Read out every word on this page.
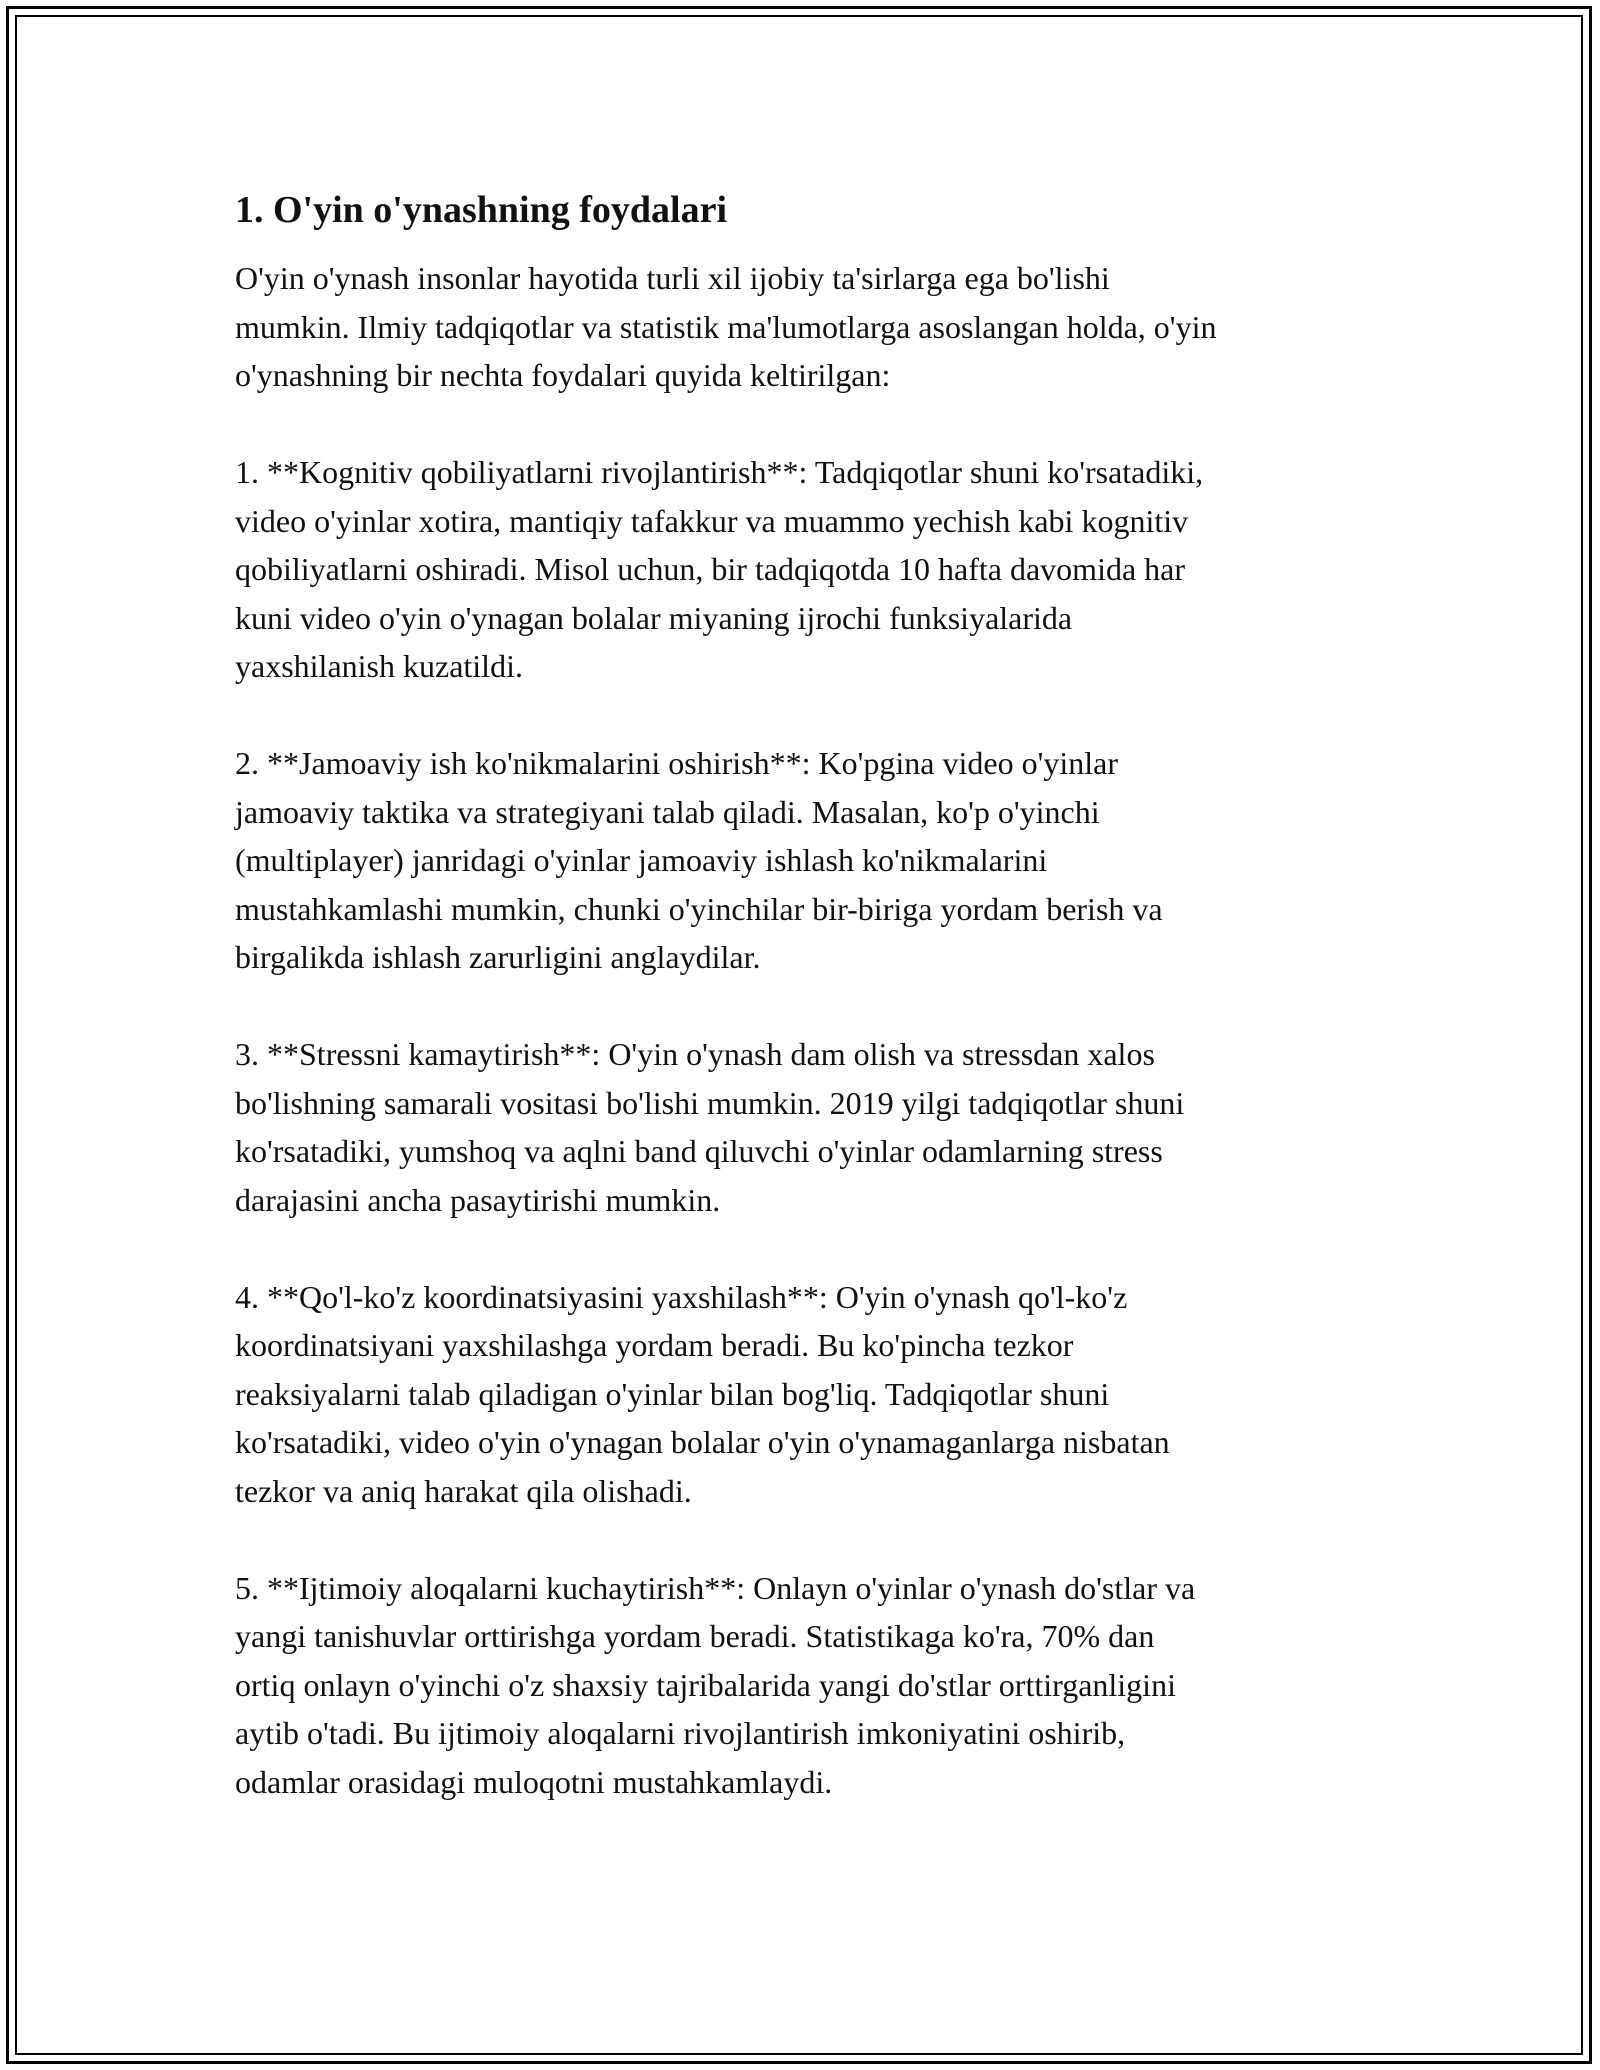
1. O'yin o'ynashning foydalari

O'yin o'ynash insonlar hayotida turli xil ijobiy ta'sirlarga ega bo'lishi
mumkin. Ilmiy tadqiqotlar va statistik ma'lumotlarga asoslangan holda, o'yin
o'ynashning bir nechta foydalari quyida keltirilgan:

1. **Kognitiv qobiliyatlarni rivojlantirish**: Tadqiqotlar shuni ko'rsatadiki,
video o'yinlar xotira, mantiqiy tafakkur va muammo yechish kabi kognitiv
qobiliyatlarni oshiradi. Misol uchun, bir tadqiqotda 10 hafta davomida har
kuni video o'yin o'ynagan bolalar miyaning ijrochi funksiyalarida
yaxshilanish kuzatildi.

2. **Jamoaviy ish ko'nikmalarini oshirish**: Ko'pgina video o'yinlar
jamoaviy taktika va strategiyani talab qiladi. Masalan, ko'p o'yinchi
(multiplayer) janridagi o'yinlar jamoaviy ishlash ko'nikmalarini
mustahkamlashi mumkin, chunki o'yinchilar bir-biriga yordam berish va
birgalikda ishlash zarurligini anglaydilar.

3. **Stressni kamaytirish**: O'yin o'ynash dam olish va stressdan xalos
bo'lishning samarali vositasi bo'lishi mumkin. 2019 yilgi tadqiqotlar shuni
ko'rsatadiki, yumshoq va aqlni band qiluvchi o'yinlar odamlarning stress
darajasini ancha pasaytirishi mumkin.

4. **Qo'l-ko'z koordinatsiyasini yaxshilash**: O'yin o'ynash qo'l-ko'z
koordinatsiyani yaxshilashga yordam beradi. Bu ko'pincha tezkor
reaksiyalarni talab qiladigan o'yinlar bilan bog'liq. Tadqiqotlar shuni
ko'rsatadiki, video o'yin o'ynagan bolalar o'yin o'ynamaganlarga nisbatan
tezkor va aniq harakat qila olishadi.

5. **Ijtimoiy aloqalarni kuchaytirish**: Onlayn o'yinlar o'ynash do'stlar va
yangi tanishuvlar orttirishga yordam beradi. Statistikaga ko'ra, 70% dan
ortiq onlayn o'yinchi o'z shaxsiy tajribalarida yangi do'stlar orttirganligini
aytib o'tadi. Bu ijtimoiy aloqalarni rivojlantirish imkoniyatini oshirib,
odamlar orasidagi muloqotni mustahkamlaydi.
